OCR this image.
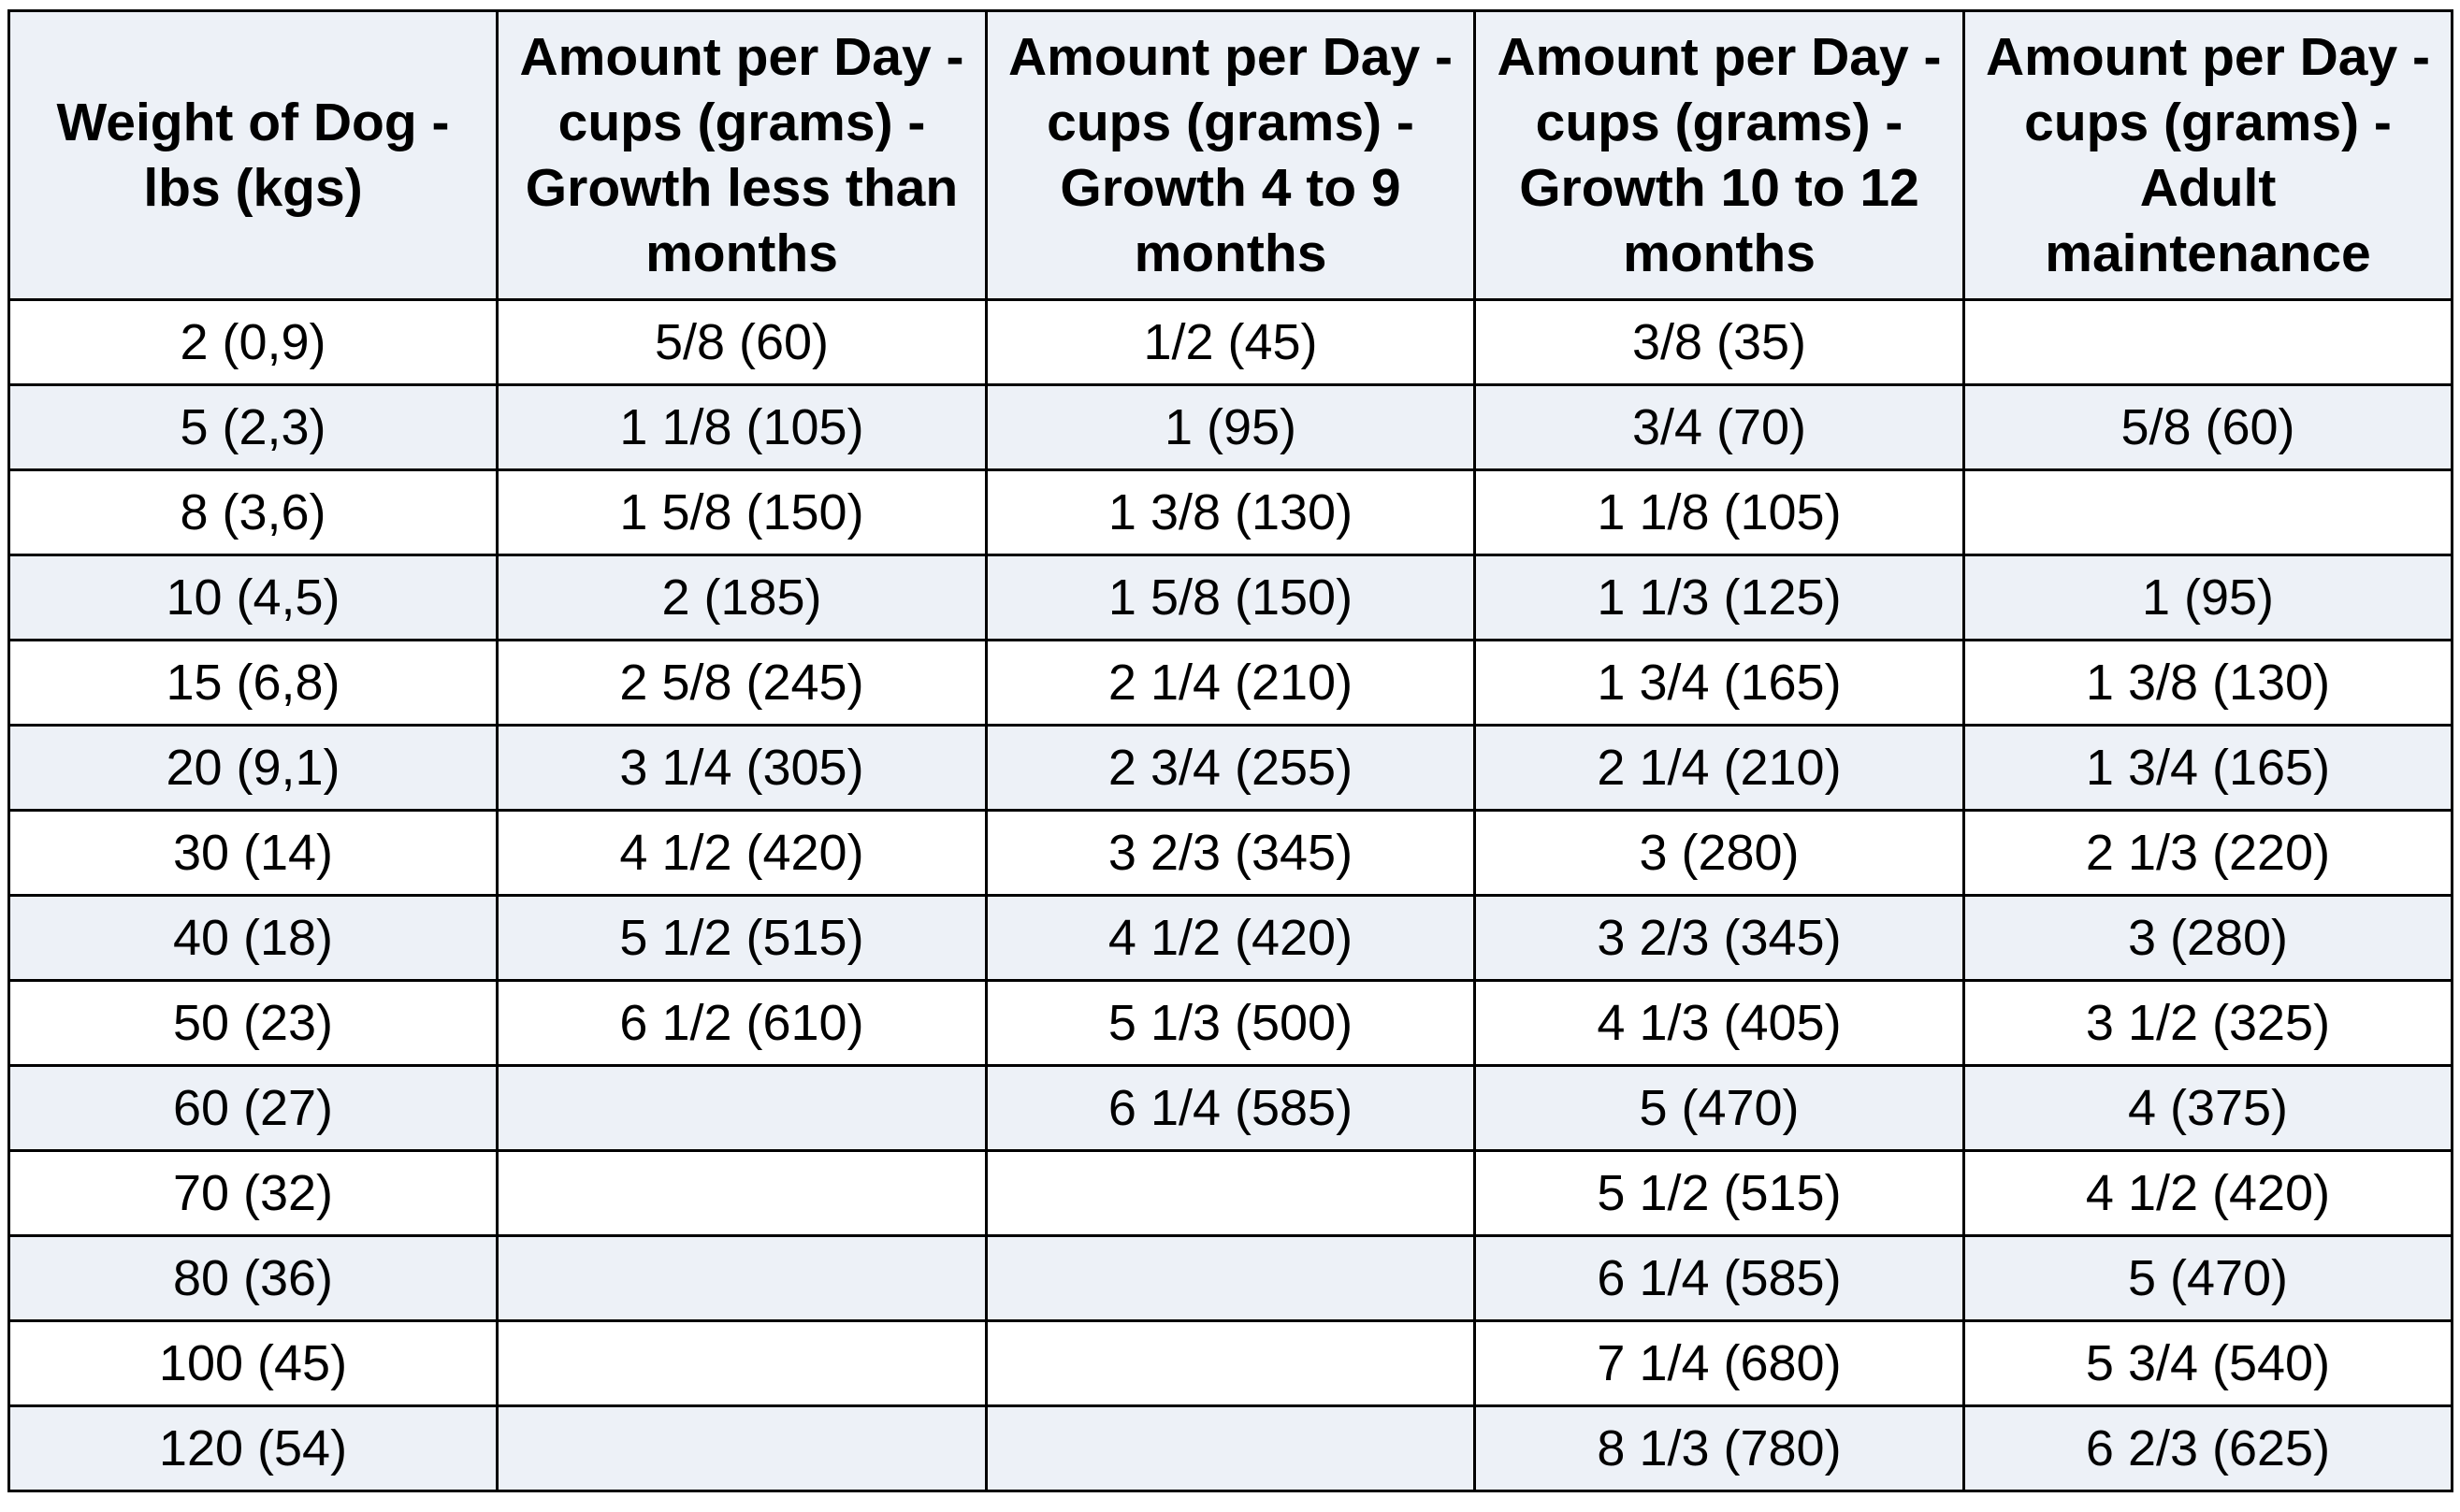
Weight of Dog - lbs (kgs)	Amount per Day - cups (grams) - Growth less than months	Amount per Day - cups (grams) - Growth 4 to 9 months	Amount per Day - cups (grams) - Growth 10 to 12 months	Amount per Day - cups (grams) - Adult maintenance
2 (0,9)	5/8 (60)	1/2 (45)	3/8 (35)	
5 (2,3)	1 1/8 (105)	1 (95)	3/4 (70)	5/8 (60)
8 (3,6)	1 5/8 (150)	1 3/8 (130)	1 1/8 (105)	
10 (4,5)	2 (185)	1 5/8 (150)	1 1/3 (125)	1 (95)
15 (6,8)	2 5/8 (245)	2 1/4 (210)	1 3/4 (165)	1 3/8 (130)
20 (9,1)	3 1/4 (305)	2 3/4 (255)	2 1/4 (210)	1 3/4 (165)
30 (14)	4 1/2 (420)	3 2/3 (345)	3 (280)	2 1/3 (220)
40 (18)	5 1/2 (515)	4 1/2 (420)	3 2/3 (345)	3 (280)
50 (23)	6 1/2 (610)	5 1/3 (500)	4 1/3 (405)	3 1/2 (325)
60 (27)		6 1/4 (585)	5 (470)	4 (375)
70 (32)			5 1/2 (515)	4 1/2 (420)
80 (36)			6 1/4 (585)	5 (470)
100 (45)			7 1/4 (680)	5 3/4 (540)
120 (54)			8 1/3 (780)	6 2/3 (625)
